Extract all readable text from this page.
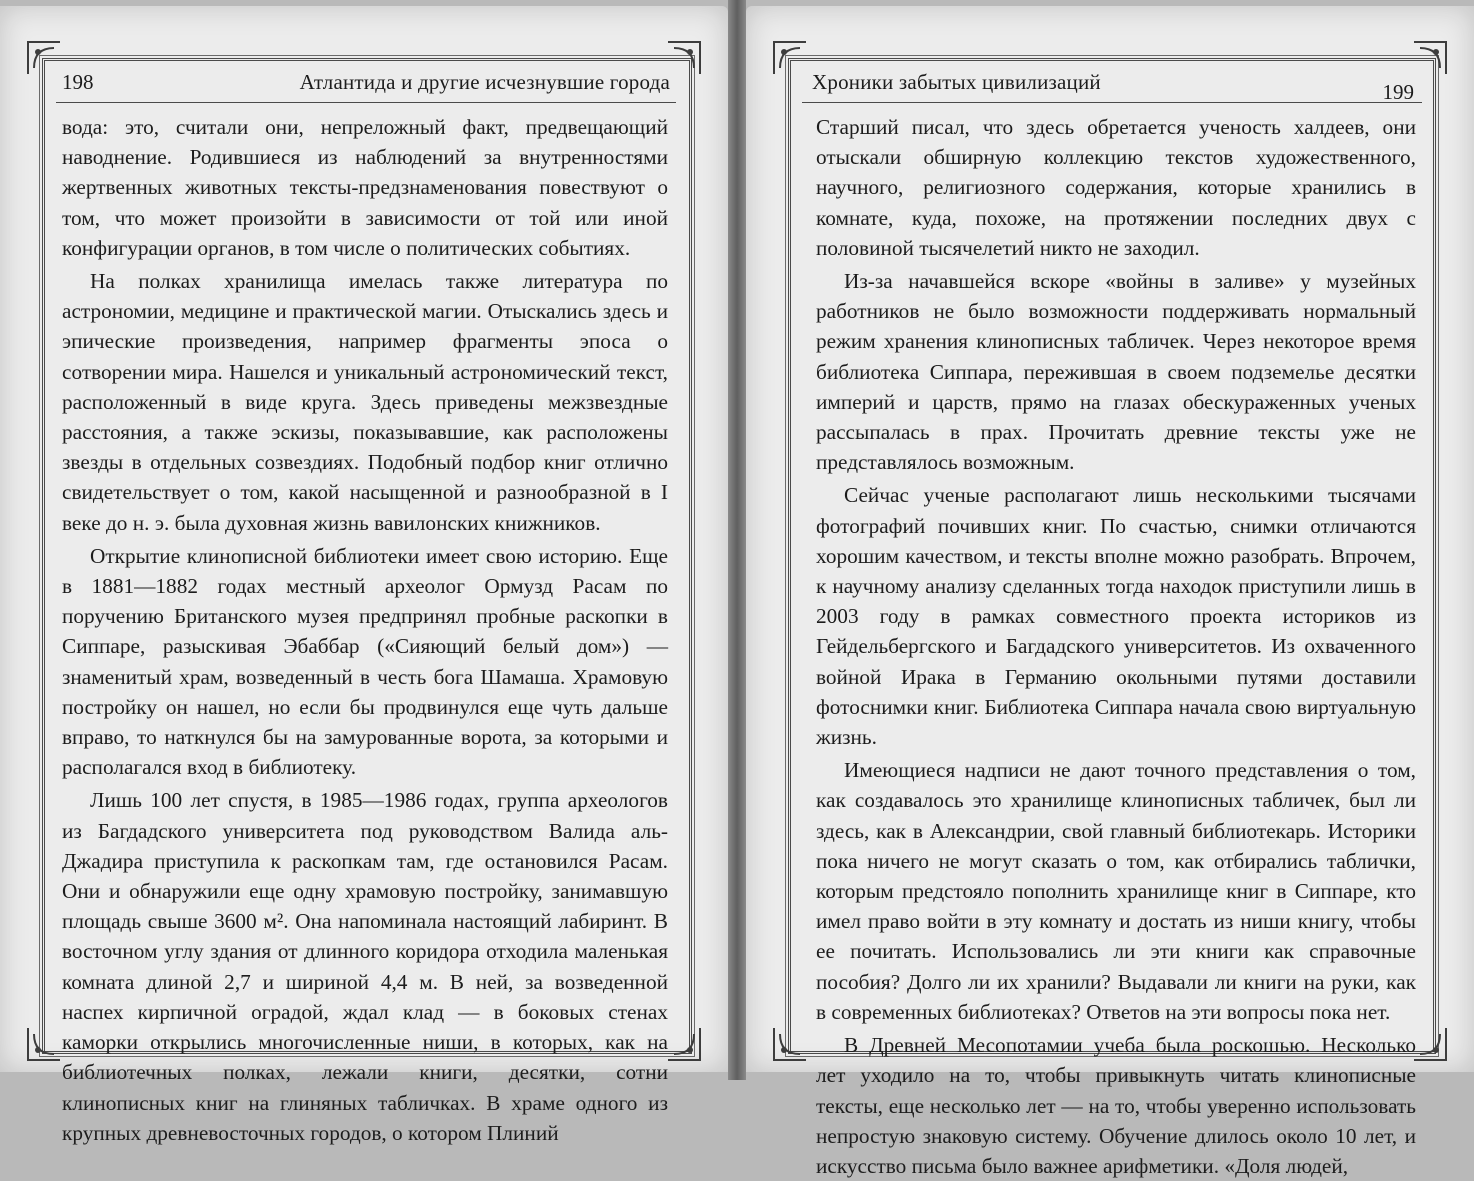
198	Атлантида и другие исчезнувшие города

вода: это, считали они, непреложный факт, предвещающий наводнение. Родившиеся из наблюдений за внутренностями жертвенных животных тексты-предзнаменования повествуют о том, что может произойти в зависимости от той или иной конфигурации органов, в том числе о политических событиях.

На полках хранилища имелась также литература по астрономии, медицине и практической магии. Отыскались здесь и эпические произведения, например фрагменты эпоса о сотворении мира. Нашелся и уникальный астрономический текст, расположенный в виде круга. Здесь приведены межзвездные расстояния, а также эскизы, показывавшие, как расположены звезды в отдельных созвездиях. Подобный подбор книг отлично свидетельствует о том, какой насыщенной и разнообразной в I веке до н. э. была духовная жизнь вавилонских книжников.

Открытие клинописной библиотеки имеет свою историю. Еще в 1881—1882 годах местный археолог Ормузд Расам по поручению Британского музея предпринял пробные раскопки в Сиппаре, разыскивая Эбаббар («Сияющий белый дом») — знаменитый храм, возведенный в честь бога Шамаша. Храмовую постройку он нашел, но если бы продвинулся еще чуть дальше вправо, то наткнулся бы на замурованные ворота, за которыми и располагался вход в библиотеку.

Лишь 100 лет спустя, в 1985—1986 годах, группа археологов из Багдадского университета под руководством Валида аль-Джадира приступила к раскопкам там, где остановился Расам. Они и обнаружили еще одну храмовую постройку, занимавшую площадь свыше 3600 м². Она напоминала настоящий лабиринт. В восточном углу здания от длинного коридора отходила маленькая комната длиной 2,7 и шириной 4,4 м. В ней, за возведенной наспех кирпичной оградой, ждал клад — в боковых стенах каморки открылись многочисленные ниши, в которых, как на библиотечных полках, лежали книги, десятки, сотни клинописных книг на глиняных табличках. В храме одного из крупных древневосточных городов, о котором Плиний

Хроники забытых цивилизаций	199

Старший писал, что здесь обретается ученость халдеев, они отыскали обширную коллекцию текстов художественного, научного, религиозного содержания, которые хранились в комнате, куда, похоже, на протяжении последних двух с половиной тысячелетий никто не заходил.

Из-за начавшейся вскоре «войны в заливе» у музейных работников не было возможности поддерживать нормальный режим хранения клинописных табличек. Через некоторое время библиотека Сиппара, пережившая в своем подземелье десятки империй и царств, прямо на глазах обескураженных ученых рассыпалась в прах. Прочитать древние тексты уже не представлялось возможным.

Сейчас ученые располагают лишь несколькими тысячами фотографий почивших книг. По счастью, снимки отличаются хорошим качеством, и тексты вполне можно разобрать. Впрочем, к научному анализу сделанных тогда находок приступили лишь в 2003 году в рамках совместного проекта историков из Гейдельбергского и Багдадского университетов. Из охваченного войной Ирака в Германию окольными путями доставили фотоснимки книг. Библиотека Сиппара начала свою виртуальную жизнь.

Имеющиеся надписи не дают точного представления о том, как создавалось это хранилище клинописных табличек, был ли здесь, как в Александрии, свой главный библиотекарь. Историки пока ничего не могут сказать о том, как отбирались таблички, которым предстояло пополнить хранилище книг в Сиппаре, кто имел право войти в эту комнату и достать из ниши книгу, чтобы ее почитать. Использовались ли эти книги как справочные пособия? Долго ли их хранили? Выдавали ли книги на руки, как в современных библиотеках? Ответов на эти вопросы пока нет.

В Древней Месопотамии учеба была роскошью. Несколько лет уходило на то, чтобы привыкнуть читать клинописные тексты, еще несколько лет — на то, чтобы уверенно использовать непростую знаковую систему. Обучение длилось около 10 лет, и искусство письма было важнее арифметики. «Доля людей,
